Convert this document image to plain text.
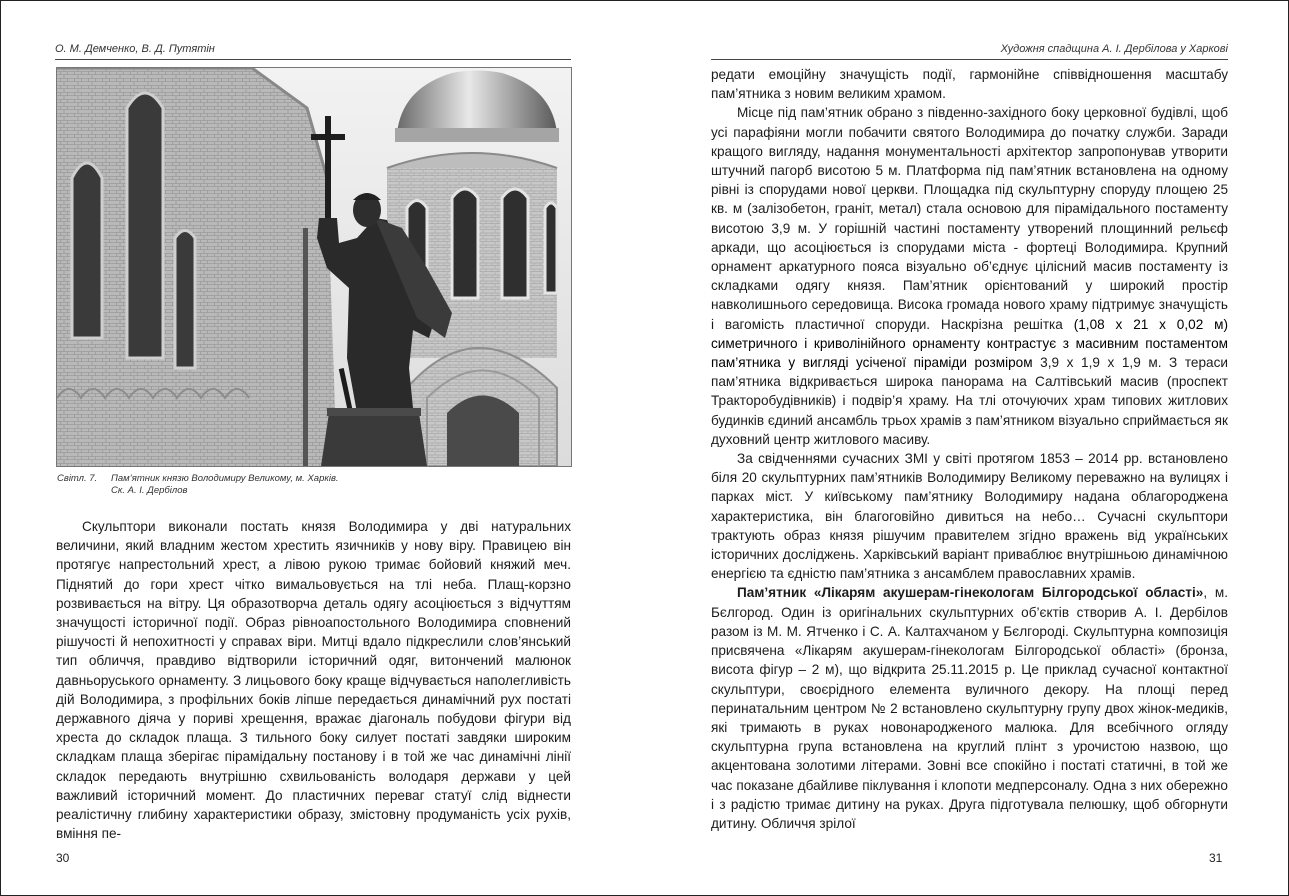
О. М. Демченко, В. Д. Путятін	Художня спадщина А. І. Дербілова у Харкові
Світл. 7. Пам’ятник князю Володимиру Великому, м. Харків.
Ск. А. І. Дербілов

Скульптори виконали постать князя Володимира у дві натуральних величини, який владним жестом хрестить язичників у нову віру. Правицею він протягує напрестольний хрест, а лівою рукою тримає бойовий княжий меч. Піднятий до гори хрест чітко вимальовується на тлі неба. Плащ-корзно розвивається на вітру. Ця образотворча деталь одягу асоціюється з відчуттям значущості історичної події. Образ рівноапостольного Володимира сповнений рішучості й непохитності у справах віри. Митці вдало підкреслили слов’янський тип обличчя, правдиво відтворили історичний одяг, витончений малюнок давньоруського орнаменту. З лицьового боку краще відчувається наполегливість дій Володимира, з профільних боків ліпше передається динамічний рух постаті державного діяча у пориві хрещення, вражає діагональ побудови фігури від хреста до складок плаща. З тильного боку силует постаті завдяки широким складкам плаща зберігає пірамідальну постанову і в той же час динамічні лінії складок передають внутрішню схвильованість володаря держави у цей важливий історичний момент. До пластичних переваг статуї слід віднести реалістичну глибину характеристики образу, змістовну продуманість усіх рухів, вміння пе-

редати емоційну значущість події, гармонійне співвідношення масштабу пам’ятника з новим великим храмом.

Місце під пам’ятник обрано з південно-західного боку церковної будівлі, щоб усі парафіяни могли побачити святого Володимира до початку служби. Заради кращого вигляду, надання монументальності архітектор запропонував утворити штучний пагорб висотою 5 м. Платформа під пам’ятник встановлена на одному рівні із спорудами нової церкви. Площадка під скульптурну споруду площею 25 кв. м (залізобетон, граніт, метал) стала основою для пірамідального постаменту висотою 3,9 м. У горішній частині постаменту утворений площинний рельєф аркади, що асоціюється із спорудами міста - фортеці Володимира. Крупний орнамент аркатурного пояса візуально об’єднує цілісний масив постаменту із складками одягу князя. Пам’ятник орієнтований у широкий простір навколишнього середовища. Висока громада нового храму підтримує значущість і вагомість пластичної споруди. Наскрізна решітка (1,08 х 21 х 0,02 м) симетричного і криволінійного орнаменту контрастує з масивним постаментом пам’ятника у вигляді усіченої піраміди розміром 3,9 х 1,9 х 1,9 м. З тераси пам’ятника відкривається широка панорама на Салтівський масив (проспект Тракторобудівників) і подвір’я храму. На тлі оточуючих храм типових житлових будинків єдиний ансамбль трьох храмів з пам’ятником візуально сприймається як духовний центр житлового масиву.

За свідченнями сучасних ЗМІ у світі протягом 1853 – 2014 рр. встановлено біля 20 скульптурних пам’ятників Володимиру Великому переважно на вулицях і парках міст. У київському пам’ятнику Володимиру надана облагороджена характеристика, він благоговійно дивиться на небо… Сучасні скульптори трактують образ князя рішучим правителем згідно вражень від українських історичних досліджень. Харківський варіант приваблює внутрішньою динамічною енергією та єдністю пам’ятника з ансамблем православних храмів.

Пам’ятник «Лікарям акушерам-гінекологам Білгородської області», м. Бєлгород. Один із оригінальних скульптурних об’єктів створив А. І. Дербілов разом із М. М. Ятченко і С. А. Калтахчаном у Бєлгороді. Скульптурна композиція присвячена «Лікарям акушерам-гінекологам Білгородської області» (бронза, висота фігур – 2 м), що відкрита 25.11.2015 р. Це приклад сучасної контактної скульптури, своєрідного елемента вуличного декору. На площі перед перинатальним центром № 2 встановлено скульптурну групу двох жінок-медиків, які тримають в руках новонародженого малюка. Для всебічного огляду скульптурна група встановлена на круглий плінт з урочистою назвою, що акцентована золотими літерами. Зовні все спокійно і постаті статичні, в той же час показане дбайливе піклування і клопоти медперсоналу. Одна з них обережно і з радістю тримає дитину на руках. Друга підготувала пелюшку, щоб обгорнути дитину. Обличчя зрілої

30	31
